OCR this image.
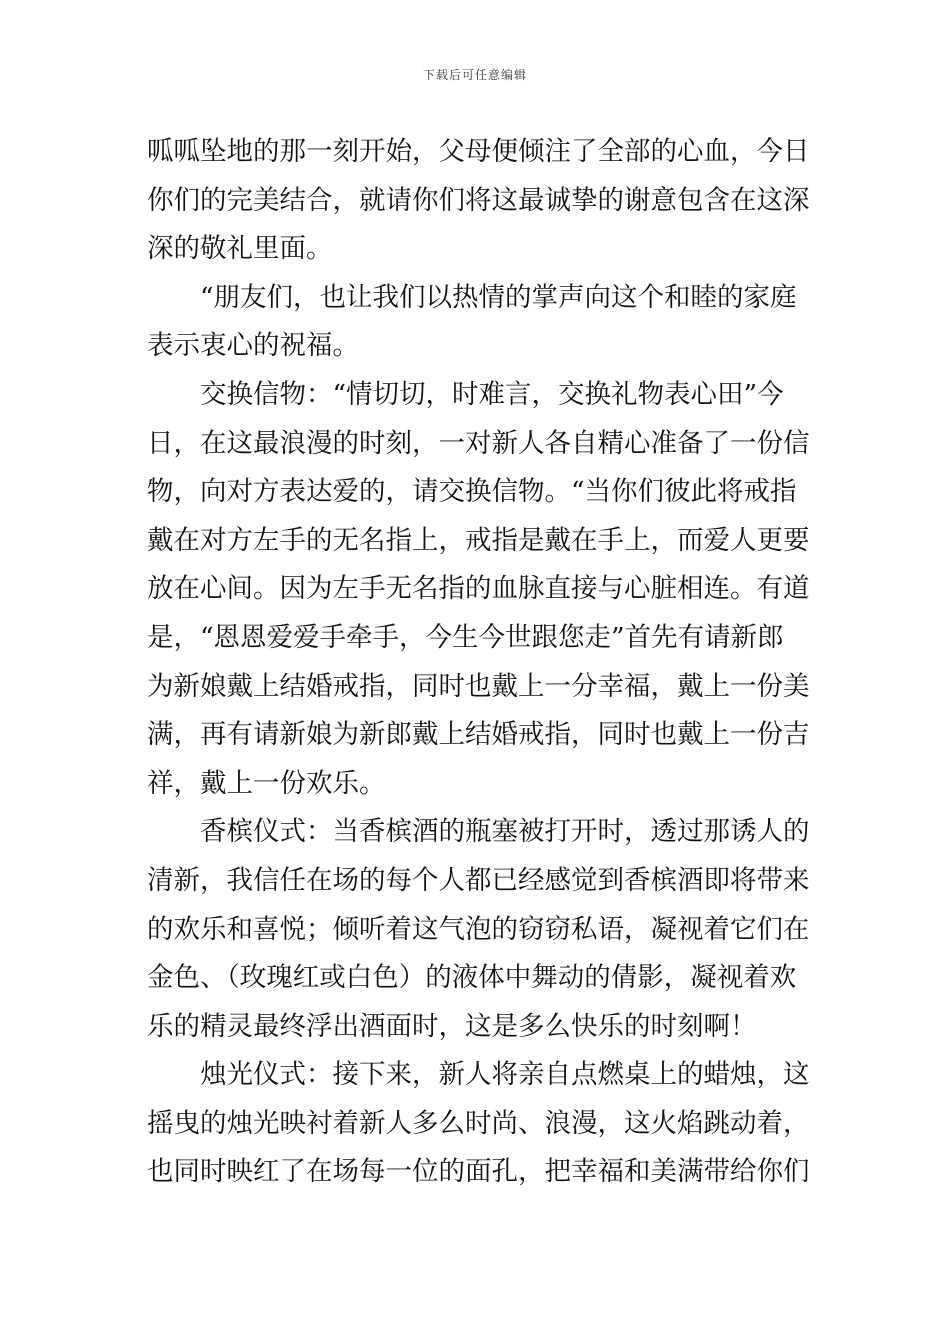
下载后可任意编辑
呱呱坠地的那一刻开始，父母便倾注了全部的心血，今日
你们的完美结合，就请你们将这最诚挚的谢意包含在这深
深的敬礼里面。
“朋友们，也让我们以热情的掌声向这个和睦的家庭
表示衷心的祝福。
交换信物：“情切切，时难言，交换礼物表心田”今
日，在这最浪漫的时刻，一对新人各自精心准备了一份信
物，向对方表达爱的，请交换信物。“当你们彼此将戒指
戴在对方左手的无名指上，戒指是戴在手上，而爱人更要
放在心间。因为左手无名指的血脉直接与心脏相连。有道
是，“恩恩爱爱手牵手，今生今世跟您走”首先有请新郎
为新娘戴上结婚戒指，同时也戴上一分幸福，戴上一份美
满，再有请新娘为新郎戴上结婚戒指，同时也戴上一份吉
祥，戴上一份欢乐。
香槟仪式：当香槟酒的瓶塞被打开时，透过那诱人的
清新，我信任在场的每个人都已经感觉到香槟酒即将带来
的欢乐和喜悦；倾听着这气泡的窃窃私语，凝视着它们在
金色、（玫瑰红或白色）的液体中舞动的倩影，凝视着欢
乐的精灵最终浮出酒面时，这是多么快乐的时刻啊！
烛光仪式：接下来，新人将亲自点燃桌上的蜡烛，这
摇曳的烛光映衬着新人多么时尚、浪漫，这火焰跳动着，
也同时映红了在场每一位的面孔，把幸福和美满带给你们
